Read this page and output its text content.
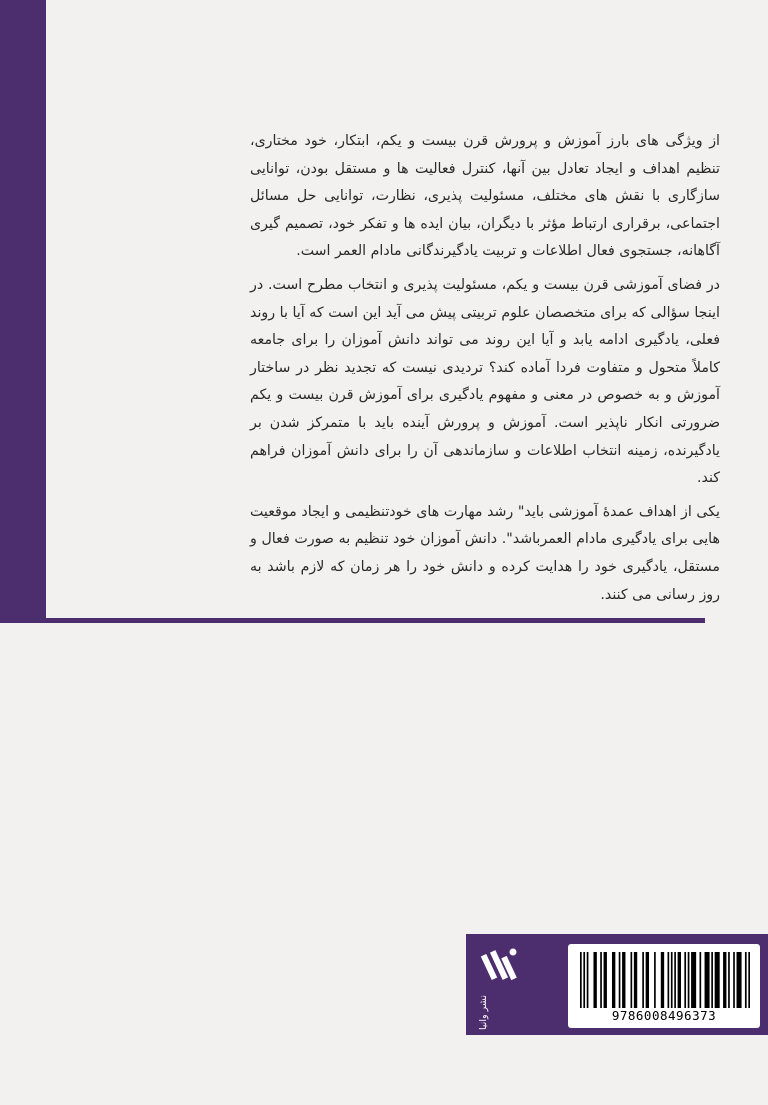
از ویژگی های بارز آموزش و پرورش قرن بیست و یکم، ابتکار، خود مختاری، تنظیم اهداف و ایجاد تعادل بین آنها، کنترل فعالیت ها و مستقل بودن، توانایی سازگاری با نقش های مختلف، مسئولیت پذیری، نظارت، توانایی حل مسائل اجتماعی، برقراری ارتباط مؤثر با دیگران، بیان ایده ها و تفکر خود، تصمیم گیری آگاهانه، جستجوی فعال اطلاعات و تربیت یادگیرندگانی مادام العمر است.

در فضای آموزشی قرن بیست و یکم، مسئولیت پذیری و انتخاب مطرح است. در اینجا سؤالی که برای متخصصان علوم تربیتی پیش می آید این است که آیا با روند فعلی، یادگیری ادامه یابد و آیا این روند می تواند دانش آموزان را برای جامعه کاملاً متحول و متفاوت فردا آماده کند؟ تردیدی نیست که تجدید نظر در ساختار آموزش و به خصوص در معنی و مفهوم یادگیری برای آموزش قرن بیست و یکم ضرورتی انکار ناپذیر است. آموزش و پرورش آینده باید با متمرکز شدن بر یادگیرنده، زمینه انتخاب اطلاعات و سازماندهی آن را برای دانش آموزان فراهم کند.

یکی از اهداف عمدۀ آموزشی باید" رشد مهارت های خودتنظیمی و ایجاد موقعیت هایی برای یادگیری مادام العمرباشد". دانش آموزان خود تنظیم به صورت فعال و مستقل، یادگیری خود را هدایت کرده و دانش خود را هر زمان که لازم باشد به روز رسانی می کنند.

نشر وانیا	9786008496373
